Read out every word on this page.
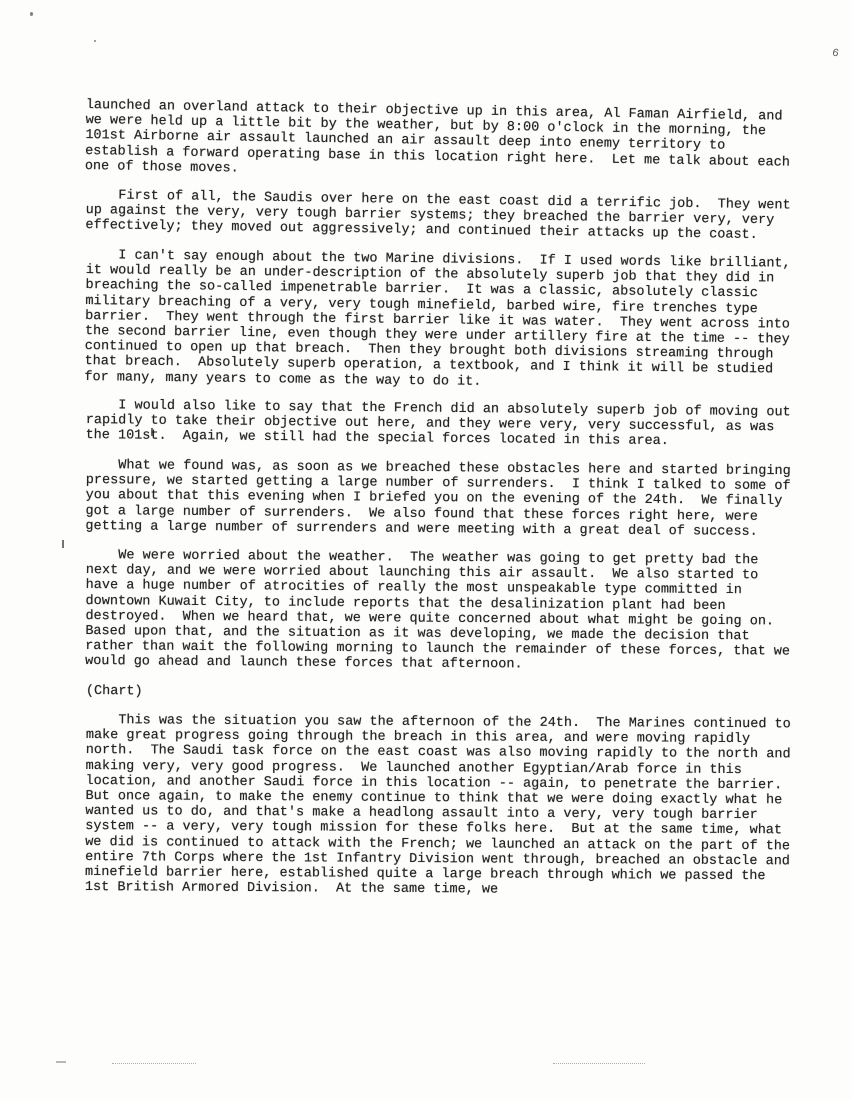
6

launched an overland attack to their objective up in this area, Al Faman Airfield, and we were held up a little bit by the weather, but by 8:00 o'clock in the morning, the 101st Airborne air assault launched an air assault deep into enemy territory to establish a forward operating base in this location right here.  Let me talk about each one of those moves.

First of all, the Saudis over here on the east coast did a terrific job.  They went up against the very, very tough barrier systems; they breached the barrier very, very effectively; they moved out aggressively; and continued their attacks up the coast.

I can't say enough about the two Marine divisions.  If I used words like brilliant, it would really be an under-description of the absolutely superb job that they did in breaching the so-called impenetrable barrier.  It was a classic, absolutely classic military breaching of a very, very tough minefield, barbed wire, fire trenches type barrier.  They went through the first barrier like it was water.  They went across into the second barrier line, even though they were under artillery fire at the time -- they continued to open up that breach.  Then they brought both divisions streaming through that breach.  Absolutely superb operation, a textbook, and I think it will be studied for many, many years to come as the way to do it.

I would also like to say that the French did an absolutely superb job of moving out rapidly to take their objective out here, and they were very, very successful, as was the 101st.  Again, we still had the special forces located in this area.

What we found was, as soon as we breached these obstacles here and started bringing pressure, we started getting a large number of surrenders.  I think I talked to some of you about that this evening when I briefed you on the evening of the 24th.  We finally got a large number of surrenders.  We also found that these forces right here, were getting a large number of surrenders and were meeting with a great deal of success.

We were worried about the weather.  The weather was going to get pretty bad the next day, and we were worried about launching this air assault.  We also started to have a huge number of atrocities of really the most unspeakable type committed in downtown Kuwait City, to include reports that the desalinization plant had been destroyed.  When we heard that, we were quite concerned about what might be going on.  Based upon that, and the situation as it was developing, we made the decision that rather than wait the following morning to launch the remainder of these forces, that we would go ahead and launch these forces that afternoon.

(Chart)

This was the situation you saw the afternoon of the 24th.  The Marines continued to make great progress going through the breach in this area, and were moving rapidly north.  The Saudi task force on the east coast was also moving rapidly to the north and making very, very good progress.  We launched another Egyptian/Arab force in this location, and another Saudi force in this location -- again, to penetrate the barrier.  But once again, to make the enemy continue to think that we were doing exactly what he wanted us to do, and that's make a headlong assault into a very, very tough barrier system -- a very, very tough mission for these folks here.  But at the same time, what we did is continued to attack with the French; we launched an attack on the part of the entire 7th Corps where the 1st Infantry Division went through, breached an obstacle and minefield barrier here, established quite a large breach through which we passed the 1st British Armored Division.  At the same time, we
